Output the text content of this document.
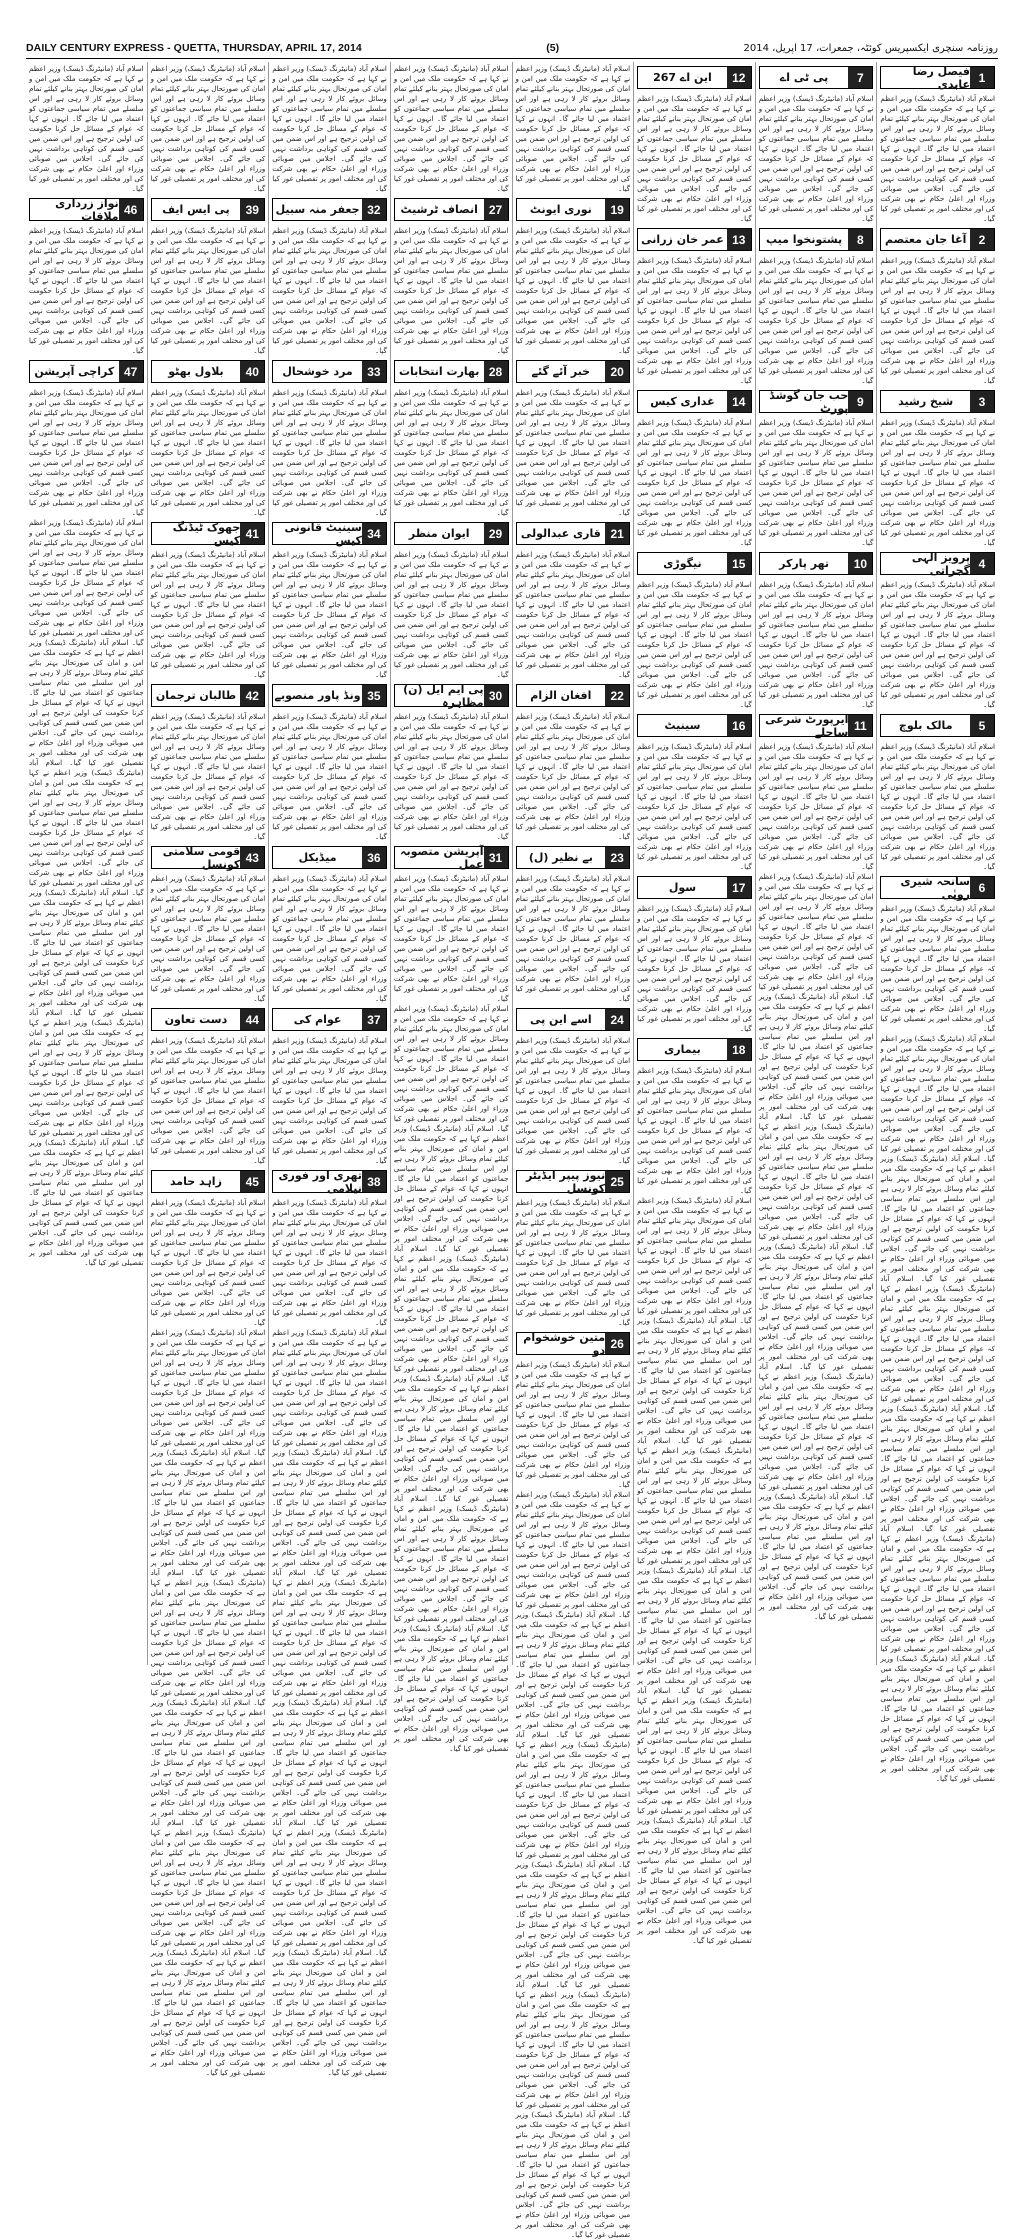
DAILY CENTURY EXPRESS - QUETTA, THURSDAY, APRIL 17, 2014	(5)	روزنامہ سنچری ایکسپریس کوئٹہ، جمعرات، 17 اپریل، 2014
1
فیصل رضا عابدی
اسلام آباد (مانیٹرنگ ڈیسک) وزیر اعظم نے کہا ہے کہ حکومت ملک میں امن و امان کی صورتحال بہتر بنانے کیلئے تمام وسائل بروئے کار لا رہی ہے اور اس سلسلے میں تمام سیاسی جماعتوں کو اعتماد میں لیا جائے گا۔ انہوں نے کہا کہ عوام کے مسائل حل کرنا حکومت کی اولین ترجیح ہے اور اس ضمن میں کسی قسم کی کوتاہی برداشت نہیں کی جائے گی۔ اجلاس میں صوبائی وزراء اور اعلیٰ حکام نے بھی شرکت کی اور مختلف امور پر تفصیلی غور کیا گیا۔
2
آغا جان معتصم
اسلام آباد (مانیٹرنگ ڈیسک) وزیر اعظم نے کہا ہے کہ حکومت ملک میں امن و امان کی صورتحال بہتر بنانے کیلئے تمام وسائل بروئے کار لا رہی ہے اور اس سلسلے میں تمام سیاسی جماعتوں کو اعتماد میں لیا جائے گا۔ انہوں نے کہا کہ عوام کے مسائل حل کرنا حکومت کی اولین ترجیح ہے اور اس ضمن میں کسی قسم کی کوتاہی برداشت نہیں کی جائے گی۔ اجلاس میں صوبائی وزراء اور اعلیٰ حکام نے بھی شرکت کی اور مختلف امور پر تفصیلی غور کیا گیا۔
3
شیخ رشید
اسلام آباد (مانیٹرنگ ڈیسک) وزیر اعظم نے کہا ہے کہ حکومت ملک میں امن و امان کی صورتحال بہتر بنانے کیلئے تمام وسائل بروئے کار لا رہی ہے اور اس سلسلے میں تمام سیاسی جماعتوں کو اعتماد میں لیا جائے گا۔ انہوں نے کہا کہ عوام کے مسائل حل کرنا حکومت کی اولین ترجیح ہے اور اس ضمن میں کسی قسم کی کوتاہی برداشت نہیں کی جائے گی۔ اجلاس میں صوبائی وزراء اور اعلیٰ حکام نے بھی شرکت کی اور مختلف امور پر تفصیلی غور کیا گیا۔
4
پرویز الہی گجراتی
اسلام آباد (مانیٹرنگ ڈیسک) وزیر اعظم نے کہا ہے کہ حکومت ملک میں امن و امان کی صورتحال بہتر بنانے کیلئے تمام وسائل بروئے کار لا رہی ہے اور اس سلسلے میں تمام سیاسی جماعتوں کو اعتماد میں لیا جائے گا۔ انہوں نے کہا کہ عوام کے مسائل حل کرنا حکومت کی اولین ترجیح ہے اور اس ضمن میں کسی قسم کی کوتاہی برداشت نہیں کی جائے گی۔ اجلاس میں صوبائی وزراء اور اعلیٰ حکام نے بھی شرکت کی اور مختلف امور پر تفصیلی غور کیا گیا۔
5
مالک بلوچ
اسلام آباد (مانیٹرنگ ڈیسک) وزیر اعظم نے کہا ہے کہ حکومت ملک میں امن و امان کی صورتحال بہتر بنانے کیلئے تمام وسائل بروئے کار لا رہی ہے اور اس سلسلے میں تمام سیاسی جماعتوں کو اعتماد میں لیا جائے گا۔ انہوں نے کہا کہ عوام کے مسائل حل کرنا حکومت کی اولین ترجیح ہے اور اس ضمن میں کسی قسم کی کوتاہی برداشت نہیں کی جائے گی۔ اجلاس میں صوبائی وزراء اور اعلیٰ حکام نے بھی شرکت کی اور مختلف امور پر تفصیلی غور کیا گیا۔
6
سانحہ شیری رویٰی
اسلام آباد (مانیٹرنگ ڈیسک) وزیر اعظم نے کہا ہے کہ حکومت ملک میں امن و امان کی صورتحال بہتر بنانے کیلئے تمام وسائل بروئے کار لا رہی ہے اور اس سلسلے میں تمام سیاسی جماعتوں کو اعتماد میں لیا جائے گا۔ انہوں نے کہا کہ عوام کے مسائل حل کرنا حکومت کی اولین ترجیح ہے اور اس ضمن میں کسی قسم کی کوتاہی برداشت نہیں کی جائے گی۔ اجلاس میں صوبائی وزراء اور اعلیٰ حکام نے بھی شرکت کی اور مختلف امور پر تفصیلی غور کیا گیا۔
اسلام آباد (مانیٹرنگ ڈیسک) وزیر اعظم نے کہا ہے کہ حکومت ملک میں امن و امان کی صورتحال بہتر بنانے کیلئے تمام وسائل بروئے کار لا رہی ہے اور اس سلسلے میں تمام سیاسی جماعتوں کو اعتماد میں لیا جائے گا۔ انہوں نے کہا کہ عوام کے مسائل حل کرنا حکومت کی اولین ترجیح ہے اور اس ضمن میں کسی قسم کی کوتاہی برداشت نہیں کی جائے گی۔ اجلاس میں صوبائی وزراء اور اعلیٰ حکام نے بھی شرکت کی اور مختلف امور پر تفصیلی غور کیا گیا۔ اسلام آباد (مانیٹرنگ ڈیسک) وزیر اعظم نے کہا ہے کہ حکومت ملک میں امن و امان کی صورتحال بہتر بنانے کیلئے تمام وسائل بروئے کار لا رہی ہے اور اس سلسلے میں تمام سیاسی جماعتوں کو اعتماد میں لیا جائے گا۔ انہوں نے کہا کہ عوام کے مسائل حل کرنا حکومت کی اولین ترجیح ہے اور اس ضمن میں کسی قسم کی کوتاہی برداشت نہیں کی جائے گی۔ اجلاس میں صوبائی وزراء اور اعلیٰ حکام نے بھی شرکت کی اور مختلف امور پر تفصیلی غور کیا گیا۔ اسلام آباد (مانیٹرنگ ڈیسک) وزیر اعظم نے کہا ہے کہ حکومت ملک میں امن و امان کی صورتحال بہتر بنانے کیلئے تمام وسائل بروئے کار لا رہی ہے اور اس سلسلے میں تمام سیاسی جماعتوں کو اعتماد میں لیا جائے گا۔ انہوں نے کہا کہ عوام کے مسائل حل کرنا حکومت کی اولین ترجیح ہے اور اس ضمن میں کسی قسم کی کوتاہی برداشت نہیں کی جائے گی۔ اجلاس میں صوبائی وزراء اور اعلیٰ حکام نے بھی شرکت کی اور مختلف امور پر تفصیلی غور کیا گیا۔ اسلام آباد (مانیٹرنگ ڈیسک) وزیر اعظم نے کہا ہے کہ حکومت ملک میں امن و امان کی صورتحال بہتر بنانے کیلئے تمام وسائل بروئے کار لا رہی ہے اور اس سلسلے میں تمام سیاسی جماعتوں کو اعتماد میں لیا جائے گا۔ انہوں نے کہا کہ عوام کے مسائل حل کرنا حکومت کی اولین ترجیح ہے اور اس ضمن میں کسی قسم کی کوتاہی برداشت نہیں کی جائے گی۔ اجلاس میں صوبائی وزراء اور اعلیٰ حکام نے بھی شرکت کی اور مختلف امور پر تفصیلی غور کیا گیا۔ اسلام آباد (مانیٹرنگ ڈیسک) وزیر اعظم نے کہا ہے کہ حکومت ملک میں امن و امان کی صورتحال بہتر بنانے کیلئے تمام وسائل بروئے کار لا رہی ہے اور اس سلسلے میں تمام سیاسی جماعتوں کو اعتماد میں لیا جائے گا۔ انہوں نے کہا کہ عوام کے مسائل حل کرنا حکومت کی اولین ترجیح ہے اور اس ضمن میں کسی قسم کی کوتاہی برداشت نہیں کی جائے گی۔ اجلاس میں صوبائی وزراء اور اعلیٰ حکام نے بھی شرکت کی اور مختلف امور پر تفصیلی غور کیا گیا۔ اسلام آباد (مانیٹرنگ ڈیسک) وزیر اعظم نے کہا ہے کہ حکومت ملک میں امن و امان کی صورتحال بہتر بنانے کیلئے تمام وسائل بروئے کار لا رہی ہے اور اس سلسلے میں تمام سیاسی جماعتوں کو اعتماد میں لیا جائے گا۔ انہوں نے کہا کہ عوام کے مسائل حل کرنا حکومت کی اولین ترجیح ہے اور اس ضمن میں کسی قسم کی کوتاہی برداشت نہیں کی جائے گی۔ اجلاس میں صوبائی وزراء اور اعلیٰ حکام نے بھی شرکت کی اور مختلف امور پر تفصیلی غور کیا گیا۔
7
پی ٹی اے
اسلام آباد (مانیٹرنگ ڈیسک) وزیر اعظم نے کہا ہے کہ حکومت ملک میں امن و امان کی صورتحال بہتر بنانے کیلئے تمام وسائل بروئے کار لا رہی ہے اور اس سلسلے میں تمام سیاسی جماعتوں کو اعتماد میں لیا جائے گا۔ انہوں نے کہا کہ عوام کے مسائل حل کرنا حکومت کی اولین ترجیح ہے اور اس ضمن میں کسی قسم کی کوتاہی برداشت نہیں کی جائے گی۔ اجلاس میں صوبائی وزراء اور اعلیٰ حکام نے بھی شرکت کی اور مختلف امور پر تفصیلی غور کیا گیا۔
8
پشتونخوا میپ
اسلام آباد (مانیٹرنگ ڈیسک) وزیر اعظم نے کہا ہے کہ حکومت ملک میں امن و امان کی صورتحال بہتر بنانے کیلئے تمام وسائل بروئے کار لا رہی ہے اور اس سلسلے میں تمام سیاسی جماعتوں کو اعتماد میں لیا جائے گا۔ انہوں نے کہا کہ عوام کے مسائل حل کرنا حکومت کی اولین ترجیح ہے اور اس ضمن میں کسی قسم کی کوتاہی برداشت نہیں کی جائے گی۔ اجلاس میں صوبائی وزراء اور اعلیٰ حکام نے بھی شرکت کی اور مختلف امور پر تفصیلی غور کیا گیا۔
9
حب جان گوشڈ پورٹ
اسلام آباد (مانیٹرنگ ڈیسک) وزیر اعظم نے کہا ہے کہ حکومت ملک میں امن و امان کی صورتحال بہتر بنانے کیلئے تمام وسائل بروئے کار لا رہی ہے اور اس سلسلے میں تمام سیاسی جماعتوں کو اعتماد میں لیا جائے گا۔ انہوں نے کہا کہ عوام کے مسائل حل کرنا حکومت کی اولین ترجیح ہے اور اس ضمن میں کسی قسم کی کوتاہی برداشت نہیں کی جائے گی۔ اجلاس میں صوبائی وزراء اور اعلیٰ حکام نے بھی شرکت کی اور مختلف امور پر تفصیلی غور کیا گیا۔
10
تھر پارکر
اسلام آباد (مانیٹرنگ ڈیسک) وزیر اعظم نے کہا ہے کہ حکومت ملک میں امن و امان کی صورتحال بہتر بنانے کیلئے تمام وسائل بروئے کار لا رہی ہے اور اس سلسلے میں تمام سیاسی جماعتوں کو اعتماد میں لیا جائے گا۔ انہوں نے کہا کہ عوام کے مسائل حل کرنا حکومت کی اولین ترجیح ہے اور اس ضمن میں کسی قسم کی کوتاہی برداشت نہیں کی جائے گی۔ اجلاس میں صوبائی وزراء اور اعلیٰ حکام نے بھی شرکت کی اور مختلف امور پر تفصیلی غور کیا گیا۔
11
ایرپورٹ شرعی ساحلے
اسلام آباد (مانیٹرنگ ڈیسک) وزیر اعظم نے کہا ہے کہ حکومت ملک میں امن و امان کی صورتحال بہتر بنانے کیلئے تمام وسائل بروئے کار لا رہی ہے اور اس سلسلے میں تمام سیاسی جماعتوں کو اعتماد میں لیا جائے گا۔ انہوں نے کہا کہ عوام کے مسائل حل کرنا حکومت کی اولین ترجیح ہے اور اس ضمن میں کسی قسم کی کوتاہی برداشت نہیں کی جائے گی۔ اجلاس میں صوبائی وزراء اور اعلیٰ حکام نے بھی شرکت کی اور مختلف امور پر تفصیلی غور کیا گیا۔
اسلام آباد (مانیٹرنگ ڈیسک) وزیر اعظم نے کہا ہے کہ حکومت ملک میں امن و امان کی صورتحال بہتر بنانے کیلئے تمام وسائل بروئے کار لا رہی ہے اور اس سلسلے میں تمام سیاسی جماعتوں کو اعتماد میں لیا جائے گا۔ انہوں نے کہا کہ عوام کے مسائل حل کرنا حکومت کی اولین ترجیح ہے اور اس ضمن میں کسی قسم کی کوتاہی برداشت نہیں کی جائے گی۔ اجلاس میں صوبائی وزراء اور اعلیٰ حکام نے بھی شرکت کی اور مختلف امور پر تفصیلی غور کیا گیا۔ اسلام آباد (مانیٹرنگ ڈیسک) وزیر اعظم نے کہا ہے کہ حکومت ملک میں امن و امان کی صورتحال بہتر بنانے کیلئے تمام وسائل بروئے کار لا رہی ہے اور اس سلسلے میں تمام سیاسی جماعتوں کو اعتماد میں لیا جائے گا۔ انہوں نے کہا کہ عوام کے مسائل حل کرنا حکومت کی اولین ترجیح ہے اور اس ضمن میں کسی قسم کی کوتاہی برداشت نہیں کی جائے گی۔ اجلاس میں صوبائی وزراء اور اعلیٰ حکام نے بھی شرکت کی اور مختلف امور پر تفصیلی غور کیا گیا۔ اسلام آباد (مانیٹرنگ ڈیسک) وزیر اعظم نے کہا ہے کہ حکومت ملک میں امن و امان کی صورتحال بہتر بنانے کیلئے تمام وسائل بروئے کار لا رہی ہے اور اس سلسلے میں تمام سیاسی جماعتوں کو اعتماد میں لیا جائے گا۔ انہوں نے کہا کہ عوام کے مسائل حل کرنا حکومت کی اولین ترجیح ہے اور اس ضمن میں کسی قسم کی کوتاہی برداشت نہیں کی جائے گی۔ اجلاس میں صوبائی وزراء اور اعلیٰ حکام نے بھی شرکت کی اور مختلف امور پر تفصیلی غور کیا گیا۔ اسلام آباد (مانیٹرنگ ڈیسک) وزیر اعظم نے کہا ہے کہ حکومت ملک میں امن و امان کی صورتحال بہتر بنانے کیلئے تمام وسائل بروئے کار لا رہی ہے اور اس سلسلے میں تمام سیاسی جماعتوں کو اعتماد میں لیا جائے گا۔ انہوں نے کہا کہ عوام کے مسائل حل کرنا حکومت کی اولین ترجیح ہے اور اس ضمن میں کسی قسم کی کوتاہی برداشت نہیں کی جائے گی۔ اجلاس میں صوبائی وزراء اور اعلیٰ حکام نے بھی شرکت کی اور مختلف امور پر تفصیلی غور کیا گیا۔ اسلام آباد (مانیٹرنگ ڈیسک) وزیر اعظم نے کہا ہے کہ حکومت ملک میں امن و امان کی صورتحال بہتر بنانے کیلئے تمام وسائل بروئے کار لا رہی ہے اور اس سلسلے میں تمام سیاسی جماعتوں کو اعتماد میں لیا جائے گا۔ انہوں نے کہا کہ عوام کے مسائل حل کرنا حکومت کی اولین ترجیح ہے اور اس ضمن میں کسی قسم کی کوتاہی برداشت نہیں کی جائے گی۔ اجلاس میں صوبائی وزراء اور اعلیٰ حکام نے بھی شرکت کی اور مختلف امور پر تفصیلی غور کیا گیا۔ اسلام آباد (مانیٹرنگ ڈیسک) وزیر اعظم نے کہا ہے کہ حکومت ملک میں امن و امان کی صورتحال بہتر بنانے کیلئے تمام وسائل بروئے کار لا رہی ہے اور اس سلسلے میں تمام سیاسی جماعتوں کو اعتماد میں لیا جائے گا۔ انہوں نے کہا کہ عوام کے مسائل حل کرنا حکومت کی اولین ترجیح ہے اور اس ضمن میں کسی قسم کی کوتاہی برداشت نہیں کی جائے گی۔ اجلاس میں صوبائی وزراء اور اعلیٰ حکام نے بھی شرکت کی اور مختلف امور پر تفصیلی غور کیا گیا۔
12
این اے 267
اسلام آباد (مانیٹرنگ ڈیسک) وزیر اعظم نے کہا ہے کہ حکومت ملک میں امن و امان کی صورتحال بہتر بنانے کیلئے تمام وسائل بروئے کار لا رہی ہے اور اس سلسلے میں تمام سیاسی جماعتوں کو اعتماد میں لیا جائے گا۔ انہوں نے کہا کہ عوام کے مسائل حل کرنا حکومت کی اولین ترجیح ہے اور اس ضمن میں کسی قسم کی کوتاہی برداشت نہیں کی جائے گی۔ اجلاس میں صوبائی وزراء اور اعلیٰ حکام نے بھی شرکت کی اور مختلف امور پر تفصیلی غور کیا گیا۔
13
عمر خان زرانی
اسلام آباد (مانیٹرنگ ڈیسک) وزیر اعظم نے کہا ہے کہ حکومت ملک میں امن و امان کی صورتحال بہتر بنانے کیلئے تمام وسائل بروئے کار لا رہی ہے اور اس سلسلے میں تمام سیاسی جماعتوں کو اعتماد میں لیا جائے گا۔ انہوں نے کہا کہ عوام کے مسائل حل کرنا حکومت کی اولین ترجیح ہے اور اس ضمن میں کسی قسم کی کوتاہی برداشت نہیں کی جائے گی۔ اجلاس میں صوبائی وزراء اور اعلیٰ حکام نے بھی شرکت کی اور مختلف امور پر تفصیلی غور کیا گیا۔
14
غداری کیس
اسلام آباد (مانیٹرنگ ڈیسک) وزیر اعظم نے کہا ہے کہ حکومت ملک میں امن و امان کی صورتحال بہتر بنانے کیلئے تمام وسائل بروئے کار لا رہی ہے اور اس سلسلے میں تمام سیاسی جماعتوں کو اعتماد میں لیا جائے گا۔ انہوں نے کہا کہ عوام کے مسائل حل کرنا حکومت کی اولین ترجیح ہے اور اس ضمن میں کسی قسم کی کوتاہی برداشت نہیں کی جائے گی۔ اجلاس میں صوبائی وزراء اور اعلیٰ حکام نے بھی شرکت کی اور مختلف امور پر تفصیلی غور کیا گیا۔
15
نیگوڑی
اسلام آباد (مانیٹرنگ ڈیسک) وزیر اعظم نے کہا ہے کہ حکومت ملک میں امن و امان کی صورتحال بہتر بنانے کیلئے تمام وسائل بروئے کار لا رہی ہے اور اس سلسلے میں تمام سیاسی جماعتوں کو اعتماد میں لیا جائے گا۔ انہوں نے کہا کہ عوام کے مسائل حل کرنا حکومت کی اولین ترجیح ہے اور اس ضمن میں کسی قسم کی کوتاہی برداشت نہیں کی جائے گی۔ اجلاس میں صوبائی وزراء اور اعلیٰ حکام نے بھی شرکت کی اور مختلف امور پر تفصیلی غور کیا گیا۔
16
سینیٹ
اسلام آباد (مانیٹرنگ ڈیسک) وزیر اعظم نے کہا ہے کہ حکومت ملک میں امن و امان کی صورتحال بہتر بنانے کیلئے تمام وسائل بروئے کار لا رہی ہے اور اس سلسلے میں تمام سیاسی جماعتوں کو اعتماد میں لیا جائے گا۔ انہوں نے کہا کہ عوام کے مسائل حل کرنا حکومت کی اولین ترجیح ہے اور اس ضمن میں کسی قسم کی کوتاہی برداشت نہیں کی جائے گی۔ اجلاس میں صوبائی وزراء اور اعلیٰ حکام نے بھی شرکت کی اور مختلف امور پر تفصیلی غور کیا گیا۔
17
سول
اسلام آباد (مانیٹرنگ ڈیسک) وزیر اعظم نے کہا ہے کہ حکومت ملک میں امن و امان کی صورتحال بہتر بنانے کیلئے تمام وسائل بروئے کار لا رہی ہے اور اس سلسلے میں تمام سیاسی جماعتوں کو اعتماد میں لیا جائے گا۔ انہوں نے کہا کہ عوام کے مسائل حل کرنا حکومت کی اولین ترجیح ہے اور اس ضمن میں کسی قسم کی کوتاہی برداشت نہیں کی جائے گی۔ اجلاس میں صوبائی وزراء اور اعلیٰ حکام نے بھی شرکت کی اور مختلف امور پر تفصیلی غور کیا گیا۔
18
بیماری
اسلام آباد (مانیٹرنگ ڈیسک) وزیر اعظم نے کہا ہے کہ حکومت ملک میں امن و امان کی صورتحال بہتر بنانے کیلئے تمام وسائل بروئے کار لا رہی ہے اور اس سلسلے میں تمام سیاسی جماعتوں کو اعتماد میں لیا جائے گا۔ انہوں نے کہا کہ عوام کے مسائل حل کرنا حکومت کی اولین ترجیح ہے اور اس ضمن میں کسی قسم کی کوتاہی برداشت نہیں کی جائے گی۔ اجلاس میں صوبائی وزراء اور اعلیٰ حکام نے بھی شرکت کی اور مختلف امور پر تفصیلی غور کیا گیا۔
اسلام آباد (مانیٹرنگ ڈیسک) وزیر اعظم نے کہا ہے کہ حکومت ملک میں امن و امان کی صورتحال بہتر بنانے کیلئے تمام وسائل بروئے کار لا رہی ہے اور اس سلسلے میں تمام سیاسی جماعتوں کو اعتماد میں لیا جائے گا۔ انہوں نے کہا کہ عوام کے مسائل حل کرنا حکومت کی اولین ترجیح ہے اور اس ضمن میں کسی قسم کی کوتاہی برداشت نہیں کی جائے گی۔ اجلاس میں صوبائی وزراء اور اعلیٰ حکام نے بھی شرکت کی اور مختلف امور پر تفصیلی غور کیا گیا۔ اسلام آباد (مانیٹرنگ ڈیسک) وزیر اعظم نے کہا ہے کہ حکومت ملک میں امن و امان کی صورتحال بہتر بنانے کیلئے تمام وسائل بروئے کار لا رہی ہے اور اس سلسلے میں تمام سیاسی جماعتوں کو اعتماد میں لیا جائے گا۔ انہوں نے کہا کہ عوام کے مسائل حل کرنا حکومت کی اولین ترجیح ہے اور اس ضمن میں کسی قسم کی کوتاہی برداشت نہیں کی جائے گی۔ اجلاس میں صوبائی وزراء اور اعلیٰ حکام نے بھی شرکت کی اور مختلف امور پر تفصیلی غور کیا گیا۔ اسلام آباد (مانیٹرنگ ڈیسک) وزیر اعظم نے کہا ہے کہ حکومت ملک میں امن و امان کی صورتحال بہتر بنانے کیلئے تمام وسائل بروئے کار لا رہی ہے اور اس سلسلے میں تمام سیاسی جماعتوں کو اعتماد میں لیا جائے گا۔ انہوں نے کہا کہ عوام کے مسائل حل کرنا حکومت کی اولین ترجیح ہے اور اس ضمن میں کسی قسم کی کوتاہی برداشت نہیں کی جائے گی۔ اجلاس میں صوبائی وزراء اور اعلیٰ حکام نے بھی شرکت کی اور مختلف امور پر تفصیلی غور کیا گیا۔ اسلام آباد (مانیٹرنگ ڈیسک) وزیر اعظم نے کہا ہے کہ حکومت ملک میں امن و امان کی صورتحال بہتر بنانے کیلئے تمام وسائل بروئے کار لا رہی ہے اور اس سلسلے میں تمام سیاسی جماعتوں کو اعتماد میں لیا جائے گا۔ انہوں نے کہا کہ عوام کے مسائل حل کرنا حکومت کی اولین ترجیح ہے اور اس ضمن میں کسی قسم کی کوتاہی برداشت نہیں کی جائے گی۔ اجلاس میں صوبائی وزراء اور اعلیٰ حکام نے بھی شرکت کی اور مختلف امور پر تفصیلی غور کیا گیا۔ اسلام آباد (مانیٹرنگ ڈیسک) وزیر اعظم نے کہا ہے کہ حکومت ملک میں امن و امان کی صورتحال بہتر بنانے کیلئے تمام وسائل بروئے کار لا رہی ہے اور اس سلسلے میں تمام سیاسی جماعتوں کو اعتماد میں لیا جائے گا۔ انہوں نے کہا کہ عوام کے مسائل حل کرنا حکومت کی اولین ترجیح ہے اور اس ضمن میں کسی قسم کی کوتاہی برداشت نہیں کی جائے گی۔ اجلاس میں صوبائی وزراء اور اعلیٰ حکام نے بھی شرکت کی اور مختلف امور پر تفصیلی غور کیا گیا۔ اسلام آباد (مانیٹرنگ ڈیسک) وزیر اعظم نے کہا ہے کہ حکومت ملک میں امن و امان کی صورتحال بہتر بنانے کیلئے تمام وسائل بروئے کار لا رہی ہے اور اس سلسلے میں تمام سیاسی جماعتوں کو اعتماد میں لیا جائے گا۔ انہوں نے کہا کہ عوام کے مسائل حل کرنا حکومت کی اولین ترجیح ہے اور اس ضمن میں کسی قسم کی کوتاہی برداشت نہیں کی جائے گی۔ اجلاس میں صوبائی وزراء اور اعلیٰ حکام نے بھی شرکت کی اور مختلف امور پر تفصیلی غور کیا گیا۔
اسلام آباد (مانیٹرنگ ڈیسک) وزیر اعظم نے کہا ہے کہ حکومت ملک میں امن و امان کی صورتحال بہتر بنانے کیلئے تمام وسائل بروئے کار لا رہی ہے اور اس سلسلے میں تمام سیاسی جماعتوں کو اعتماد میں لیا جائے گا۔ انہوں نے کہا کہ عوام کے مسائل حل کرنا حکومت کی اولین ترجیح ہے اور اس ضمن میں کسی قسم کی کوتاہی برداشت نہیں کی جائے گی۔ اجلاس میں صوبائی وزراء اور اعلیٰ حکام نے بھی شرکت کی اور مختلف امور پر تفصیلی غور کیا گیا۔
19
نوری ایونٹ
اسلام آباد (مانیٹرنگ ڈیسک) وزیر اعظم نے کہا ہے کہ حکومت ملک میں امن و امان کی صورتحال بہتر بنانے کیلئے تمام وسائل بروئے کار لا رہی ہے اور اس سلسلے میں تمام سیاسی جماعتوں کو اعتماد میں لیا جائے گا۔ انہوں نے کہا کہ عوام کے مسائل حل کرنا حکومت کی اولین ترجیح ہے اور اس ضمن میں کسی قسم کی کوتاہی برداشت نہیں کی جائے گی۔ اجلاس میں صوبائی وزراء اور اعلیٰ حکام نے بھی شرکت کی اور مختلف امور پر تفصیلی غور کیا گیا۔
20
خبر آئے گئے
اسلام آباد (مانیٹرنگ ڈیسک) وزیر اعظم نے کہا ہے کہ حکومت ملک میں امن و امان کی صورتحال بہتر بنانے کیلئے تمام وسائل بروئے کار لا رہی ہے اور اس سلسلے میں تمام سیاسی جماعتوں کو اعتماد میں لیا جائے گا۔ انہوں نے کہا کہ عوام کے مسائل حل کرنا حکومت کی اولین ترجیح ہے اور اس ضمن میں کسی قسم کی کوتاہی برداشت نہیں کی جائے گی۔ اجلاس میں صوبائی وزراء اور اعلیٰ حکام نے بھی شرکت کی اور مختلف امور پر تفصیلی غور کیا گیا۔
21
قاری عبدالولی
اسلام آباد (مانیٹرنگ ڈیسک) وزیر اعظم نے کہا ہے کہ حکومت ملک میں امن و امان کی صورتحال بہتر بنانے کیلئے تمام وسائل بروئے کار لا رہی ہے اور اس سلسلے میں تمام سیاسی جماعتوں کو اعتماد میں لیا جائے گا۔ انہوں نے کہا کہ عوام کے مسائل حل کرنا حکومت کی اولین ترجیح ہے اور اس ضمن میں کسی قسم کی کوتاہی برداشت نہیں کی جائے گی۔ اجلاس میں صوبائی وزراء اور اعلیٰ حکام نے بھی شرکت کی اور مختلف امور پر تفصیلی غور کیا گیا۔
22
افغان الزام
اسلام آباد (مانیٹرنگ ڈیسک) وزیر اعظم نے کہا ہے کہ حکومت ملک میں امن و امان کی صورتحال بہتر بنانے کیلئے تمام وسائل بروئے کار لا رہی ہے اور اس سلسلے میں تمام سیاسی جماعتوں کو اعتماد میں لیا جائے گا۔ انہوں نے کہا کہ عوام کے مسائل حل کرنا حکومت کی اولین ترجیح ہے اور اس ضمن میں کسی قسم کی کوتاہی برداشت نہیں کی جائے گی۔ اجلاس میں صوبائی وزراء اور اعلیٰ حکام نے بھی شرکت کی اور مختلف امور پر تفصیلی غور کیا گیا۔
23
بے نظیر (ل)
اسلام آباد (مانیٹرنگ ڈیسک) وزیر اعظم نے کہا ہے کہ حکومت ملک میں امن و امان کی صورتحال بہتر بنانے کیلئے تمام وسائل بروئے کار لا رہی ہے اور اس سلسلے میں تمام سیاسی جماعتوں کو اعتماد میں لیا جائے گا۔ انہوں نے کہا کہ عوام کے مسائل حل کرنا حکومت کی اولین ترجیح ہے اور اس ضمن میں کسی قسم کی کوتاہی برداشت نہیں کی جائے گی۔ اجلاس میں صوبائی وزراء اور اعلیٰ حکام نے بھی شرکت کی اور مختلف امور پر تفصیلی غور کیا گیا۔
24
اسے این پی
اسلام آباد (مانیٹرنگ ڈیسک) وزیر اعظم نے کہا ہے کہ حکومت ملک میں امن و امان کی صورتحال بہتر بنانے کیلئے تمام وسائل بروئے کار لا رہی ہے اور اس سلسلے میں تمام سیاسی جماعتوں کو اعتماد میں لیا جائے گا۔ انہوں نے کہا کہ عوام کے مسائل حل کرنا حکومت کی اولین ترجیح ہے اور اس ضمن میں کسی قسم کی کوتاہی برداشت نہیں کی جائے گی۔ اجلاس میں صوبائی وزراء اور اعلیٰ حکام نے بھی شرکت کی اور مختلف امور پر تفصیلی غور کیا گیا۔
25
نیوز پیپر ایڈیٹر کونسل
اسلام آباد (مانیٹرنگ ڈیسک) وزیر اعظم نے کہا ہے کہ حکومت ملک میں امن و امان کی صورتحال بہتر بنانے کیلئے تمام وسائل بروئے کار لا رہی ہے اور اس سلسلے میں تمام سیاسی جماعتوں کو اعتماد میں لیا جائے گا۔ انہوں نے کہا کہ عوام کے مسائل حل کرنا حکومت کی اولین ترجیح ہے اور اس ضمن میں کسی قسم کی کوتاہی برداشت نہیں کی جائے گی۔ اجلاس میں صوبائی وزراء اور اعلیٰ حکام نے بھی شرکت کی اور مختلف امور پر تفصیلی غور کیا گیا۔
26
متین خوشخوام دو
اسلام آباد (مانیٹرنگ ڈیسک) وزیر اعظم نے کہا ہے کہ حکومت ملک میں امن و امان کی صورتحال بہتر بنانے کیلئے تمام وسائل بروئے کار لا رہی ہے اور اس سلسلے میں تمام سیاسی جماعتوں کو اعتماد میں لیا جائے گا۔ انہوں نے کہا کہ عوام کے مسائل حل کرنا حکومت کی اولین ترجیح ہے اور اس ضمن میں کسی قسم کی کوتاہی برداشت نہیں کی جائے گی۔ اجلاس میں صوبائی وزراء اور اعلیٰ حکام نے بھی شرکت کی اور مختلف امور پر تفصیلی غور کیا گیا۔
اسلام آباد (مانیٹرنگ ڈیسک) وزیر اعظم نے کہا ہے کہ حکومت ملک میں امن و امان کی صورتحال بہتر بنانے کیلئے تمام وسائل بروئے کار لا رہی ہے اور اس سلسلے میں تمام سیاسی جماعتوں کو اعتماد میں لیا جائے گا۔ انہوں نے کہا کہ عوام کے مسائل حل کرنا حکومت کی اولین ترجیح ہے اور اس ضمن میں کسی قسم کی کوتاہی برداشت نہیں کی جائے گی۔ اجلاس میں صوبائی وزراء اور اعلیٰ حکام نے بھی شرکت کی اور مختلف امور پر تفصیلی غور کیا گیا۔ اسلام آباد (مانیٹرنگ ڈیسک) وزیر اعظم نے کہا ہے کہ حکومت ملک میں امن و امان کی صورتحال بہتر بنانے کیلئے تمام وسائل بروئے کار لا رہی ہے اور اس سلسلے میں تمام سیاسی جماعتوں کو اعتماد میں لیا جائے گا۔ انہوں نے کہا کہ عوام کے مسائل حل کرنا حکومت کی اولین ترجیح ہے اور اس ضمن میں کسی قسم کی کوتاہی برداشت نہیں کی جائے گی۔ اجلاس میں صوبائی وزراء اور اعلیٰ حکام نے بھی شرکت کی اور مختلف امور پر تفصیلی غور کیا گیا۔ اسلام آباد (مانیٹرنگ ڈیسک) وزیر اعظم نے کہا ہے کہ حکومت ملک میں امن و امان کی صورتحال بہتر بنانے کیلئے تمام وسائل بروئے کار لا رہی ہے اور اس سلسلے میں تمام سیاسی جماعتوں کو اعتماد میں لیا جائے گا۔ انہوں نے کہا کہ عوام کے مسائل حل کرنا حکومت کی اولین ترجیح ہے اور اس ضمن میں کسی قسم کی کوتاہی برداشت نہیں کی جائے گی۔ اجلاس میں صوبائی وزراء اور اعلیٰ حکام نے بھی شرکت کی اور مختلف امور پر تفصیلی غور کیا گیا۔ اسلام آباد (مانیٹرنگ ڈیسک) وزیر اعظم نے کہا ہے کہ حکومت ملک میں امن و امان کی صورتحال بہتر بنانے کیلئے تمام وسائل بروئے کار لا رہی ہے اور اس سلسلے میں تمام سیاسی جماعتوں کو اعتماد میں لیا جائے گا۔ انہوں نے کہا کہ عوام کے مسائل حل کرنا حکومت کی اولین ترجیح ہے اور اس ضمن میں کسی قسم کی کوتاہی برداشت نہیں کی جائے گی۔ اجلاس میں صوبائی وزراء اور اعلیٰ حکام نے بھی شرکت کی اور مختلف امور پر تفصیلی غور کیا گیا۔ اسلام آباد (مانیٹرنگ ڈیسک) وزیر اعظم نے کہا ہے کہ حکومت ملک میں امن و امان کی صورتحال بہتر بنانے کیلئے تمام وسائل بروئے کار لا رہی ہے اور اس سلسلے میں تمام سیاسی جماعتوں کو اعتماد میں لیا جائے گا۔ انہوں نے کہا کہ عوام کے مسائل حل کرنا حکومت کی اولین ترجیح ہے اور اس ضمن میں کسی قسم کی کوتاہی برداشت نہیں کی جائے گی۔ اجلاس میں صوبائی وزراء اور اعلیٰ حکام نے بھی شرکت کی اور مختلف امور پر تفصیلی غور کیا گیا۔ اسلام آباد (مانیٹرنگ ڈیسک) وزیر اعظم نے کہا ہے کہ حکومت ملک میں امن و امان کی صورتحال بہتر بنانے کیلئے تمام وسائل بروئے کار لا رہی ہے اور اس سلسلے میں تمام سیاسی جماعتوں کو اعتماد میں لیا جائے گا۔ انہوں نے کہا کہ عوام کے مسائل حل کرنا حکومت کی اولین ترجیح ہے اور اس ضمن میں کسی قسم کی کوتاہی برداشت نہیں کی جائے گی۔ اجلاس میں صوبائی وزراء اور اعلیٰ حکام نے بھی شرکت کی اور مختلف امور پر تفصیلی غور کیا گیا۔
اسلام آباد (مانیٹرنگ ڈیسک) وزیر اعظم نے کہا ہے کہ حکومت ملک میں امن و امان کی صورتحال بہتر بنانے کیلئے تمام وسائل بروئے کار لا رہی ہے اور اس سلسلے میں تمام سیاسی جماعتوں کو اعتماد میں لیا جائے گا۔ انہوں نے کہا کہ عوام کے مسائل حل کرنا حکومت کی اولین ترجیح ہے اور اس ضمن میں کسی قسم کی کوتاہی برداشت نہیں کی جائے گی۔ اجلاس میں صوبائی وزراء اور اعلیٰ حکام نے بھی شرکت کی اور مختلف امور پر تفصیلی غور کیا گیا۔
27
انصاف ٹرشیٹ
اسلام آباد (مانیٹرنگ ڈیسک) وزیر اعظم نے کہا ہے کہ حکومت ملک میں امن و امان کی صورتحال بہتر بنانے کیلئے تمام وسائل بروئے کار لا رہی ہے اور اس سلسلے میں تمام سیاسی جماعتوں کو اعتماد میں لیا جائے گا۔ انہوں نے کہا کہ عوام کے مسائل حل کرنا حکومت کی اولین ترجیح ہے اور اس ضمن میں کسی قسم کی کوتاہی برداشت نہیں کی جائے گی۔ اجلاس میں صوبائی وزراء اور اعلیٰ حکام نے بھی شرکت کی اور مختلف امور پر تفصیلی غور کیا گیا۔
28
بھارت انتخابات
اسلام آباد (مانیٹرنگ ڈیسک) وزیر اعظم نے کہا ہے کہ حکومت ملک میں امن و امان کی صورتحال بہتر بنانے کیلئے تمام وسائل بروئے کار لا رہی ہے اور اس سلسلے میں تمام سیاسی جماعتوں کو اعتماد میں لیا جائے گا۔ انہوں نے کہا کہ عوام کے مسائل حل کرنا حکومت کی اولین ترجیح ہے اور اس ضمن میں کسی قسم کی کوتاہی برداشت نہیں کی جائے گی۔ اجلاس میں صوبائی وزراء اور اعلیٰ حکام نے بھی شرکت کی اور مختلف امور پر تفصیلی غور کیا گیا۔
29
ایوان منظر
اسلام آباد (مانیٹرنگ ڈیسک) وزیر اعظم نے کہا ہے کہ حکومت ملک میں امن و امان کی صورتحال بہتر بنانے کیلئے تمام وسائل بروئے کار لا رہی ہے اور اس سلسلے میں تمام سیاسی جماعتوں کو اعتماد میں لیا جائے گا۔ انہوں نے کہا کہ عوام کے مسائل حل کرنا حکومت کی اولین ترجیح ہے اور اس ضمن میں کسی قسم کی کوتاہی برداشت نہیں کی جائے گی۔ اجلاس میں صوبائی وزراء اور اعلیٰ حکام نے بھی شرکت کی اور مختلف امور پر تفصیلی غور کیا گیا۔
30
پی ایم ایل (ن) مظاہرہ
اسلام آباد (مانیٹرنگ ڈیسک) وزیر اعظم نے کہا ہے کہ حکومت ملک میں امن و امان کی صورتحال بہتر بنانے کیلئے تمام وسائل بروئے کار لا رہی ہے اور اس سلسلے میں تمام سیاسی جماعتوں کو اعتماد میں لیا جائے گا۔ انہوں نے کہا کہ عوام کے مسائل حل کرنا حکومت کی اولین ترجیح ہے اور اس ضمن میں کسی قسم کی کوتاہی برداشت نہیں کی جائے گی۔ اجلاس میں صوبائی وزراء اور اعلیٰ حکام نے بھی شرکت کی اور مختلف امور پر تفصیلی غور کیا گیا۔
31
آپریشن متصوبہ عمل
اسلام آباد (مانیٹرنگ ڈیسک) وزیر اعظم نے کہا ہے کہ حکومت ملک میں امن و امان کی صورتحال بہتر بنانے کیلئے تمام وسائل بروئے کار لا رہی ہے اور اس سلسلے میں تمام سیاسی جماعتوں کو اعتماد میں لیا جائے گا۔ انہوں نے کہا کہ عوام کے مسائل حل کرنا حکومت کی اولین ترجیح ہے اور اس ضمن میں کسی قسم کی کوتاہی برداشت نہیں کی جائے گی۔ اجلاس میں صوبائی وزراء اور اعلیٰ حکام نے بھی شرکت کی اور مختلف امور پر تفصیلی غور کیا گیا۔
اسلام آباد (مانیٹرنگ ڈیسک) وزیر اعظم نے کہا ہے کہ حکومت ملک میں امن و امان کی صورتحال بہتر بنانے کیلئے تمام وسائل بروئے کار لا رہی ہے اور اس سلسلے میں تمام سیاسی جماعتوں کو اعتماد میں لیا جائے گا۔ انہوں نے کہا کہ عوام کے مسائل حل کرنا حکومت کی اولین ترجیح ہے اور اس ضمن میں کسی قسم کی کوتاہی برداشت نہیں کی جائے گی۔ اجلاس میں صوبائی وزراء اور اعلیٰ حکام نے بھی شرکت کی اور مختلف امور پر تفصیلی غور کیا گیا۔ اسلام آباد (مانیٹرنگ ڈیسک) وزیر اعظم نے کہا ہے کہ حکومت ملک میں امن و امان کی صورتحال بہتر بنانے کیلئے تمام وسائل بروئے کار لا رہی ہے اور اس سلسلے میں تمام سیاسی جماعتوں کو اعتماد میں لیا جائے گا۔ انہوں نے کہا کہ عوام کے مسائل حل کرنا حکومت کی اولین ترجیح ہے اور اس ضمن میں کسی قسم کی کوتاہی برداشت نہیں کی جائے گی۔ اجلاس میں صوبائی وزراء اور اعلیٰ حکام نے بھی شرکت کی اور مختلف امور پر تفصیلی غور کیا گیا۔ اسلام آباد (مانیٹرنگ ڈیسک) وزیر اعظم نے کہا ہے کہ حکومت ملک میں امن و امان کی صورتحال بہتر بنانے کیلئے تمام وسائل بروئے کار لا رہی ہے اور اس سلسلے میں تمام سیاسی جماعتوں کو اعتماد میں لیا جائے گا۔ انہوں نے کہا کہ عوام کے مسائل حل کرنا حکومت کی اولین ترجیح ہے اور اس ضمن میں کسی قسم کی کوتاہی برداشت نہیں کی جائے گی۔ اجلاس میں صوبائی وزراء اور اعلیٰ حکام نے بھی شرکت کی اور مختلف امور پر تفصیلی غور کیا گیا۔ اسلام آباد (مانیٹرنگ ڈیسک) وزیر اعظم نے کہا ہے کہ حکومت ملک میں امن و امان کی صورتحال بہتر بنانے کیلئے تمام وسائل بروئے کار لا رہی ہے اور اس سلسلے میں تمام سیاسی جماعتوں کو اعتماد میں لیا جائے گا۔ انہوں نے کہا کہ عوام کے مسائل حل کرنا حکومت کی اولین ترجیح ہے اور اس ضمن میں کسی قسم کی کوتاہی برداشت نہیں کی جائے گی۔ اجلاس میں صوبائی وزراء اور اعلیٰ حکام نے بھی شرکت کی اور مختلف امور پر تفصیلی غور کیا گیا۔ اسلام آباد (مانیٹرنگ ڈیسک) وزیر اعظم نے کہا ہے کہ حکومت ملک میں امن و امان کی صورتحال بہتر بنانے کیلئے تمام وسائل بروئے کار لا رہی ہے اور اس سلسلے میں تمام سیاسی جماعتوں کو اعتماد میں لیا جائے گا۔ انہوں نے کہا کہ عوام کے مسائل حل کرنا حکومت کی اولین ترجیح ہے اور اس ضمن میں کسی قسم کی کوتاہی برداشت نہیں کی جائے گی۔ اجلاس میں صوبائی وزراء اور اعلیٰ حکام نے بھی شرکت کی اور مختلف امور پر تفصیلی غور کیا گیا۔ اسلام آباد (مانیٹرنگ ڈیسک) وزیر اعظم نے کہا ہے کہ حکومت ملک میں امن و امان کی صورتحال بہتر بنانے کیلئے تمام وسائل بروئے کار لا رہی ہے اور اس سلسلے میں تمام سیاسی جماعتوں کو اعتماد میں لیا جائے گا۔ انہوں نے کہا کہ عوام کے مسائل حل کرنا حکومت کی اولین ترجیح ہے اور اس ضمن میں کسی قسم کی کوتاہی برداشت نہیں کی جائے گی۔ اجلاس میں صوبائی وزراء اور اعلیٰ حکام نے بھی شرکت کی اور مختلف امور پر تفصیلی غور کیا گیا۔
اسلام آباد (مانیٹرنگ ڈیسک) وزیر اعظم نے کہا ہے کہ حکومت ملک میں امن و امان کی صورتحال بہتر بنانے کیلئے تمام وسائل بروئے کار لا رہی ہے اور اس سلسلے میں تمام سیاسی جماعتوں کو اعتماد میں لیا جائے گا۔ انہوں نے کہا کہ عوام کے مسائل حل کرنا حکومت کی اولین ترجیح ہے اور اس ضمن میں کسی قسم کی کوتاہی برداشت نہیں کی جائے گی۔ اجلاس میں صوبائی وزراء اور اعلیٰ حکام نے بھی شرکت کی اور مختلف امور پر تفصیلی غور کیا گیا۔
32
جعفر منہ سبیل
اسلام آباد (مانیٹرنگ ڈیسک) وزیر اعظم نے کہا ہے کہ حکومت ملک میں امن و امان کی صورتحال بہتر بنانے کیلئے تمام وسائل بروئے کار لا رہی ہے اور اس سلسلے میں تمام سیاسی جماعتوں کو اعتماد میں لیا جائے گا۔ انہوں نے کہا کہ عوام کے مسائل حل کرنا حکومت کی اولین ترجیح ہے اور اس ضمن میں کسی قسم کی کوتاہی برداشت نہیں کی جائے گی۔ اجلاس میں صوبائی وزراء اور اعلیٰ حکام نے بھی شرکت کی اور مختلف امور پر تفصیلی غور کیا گیا۔
33
مرد خوشحال
اسلام آباد (مانیٹرنگ ڈیسک) وزیر اعظم نے کہا ہے کہ حکومت ملک میں امن و امان کی صورتحال بہتر بنانے کیلئے تمام وسائل بروئے کار لا رہی ہے اور اس سلسلے میں تمام سیاسی جماعتوں کو اعتماد میں لیا جائے گا۔ انہوں نے کہا کہ عوام کے مسائل حل کرنا حکومت کی اولین ترجیح ہے اور اس ضمن میں کسی قسم کی کوتاہی برداشت نہیں کی جائے گی۔ اجلاس میں صوبائی وزراء اور اعلیٰ حکام نے بھی شرکت کی اور مختلف امور پر تفصیلی غور کیا گیا۔
34
سینیٹ قانونی کیس
اسلام آباد (مانیٹرنگ ڈیسک) وزیر اعظم نے کہا ہے کہ حکومت ملک میں امن و امان کی صورتحال بہتر بنانے کیلئے تمام وسائل بروئے کار لا رہی ہے اور اس سلسلے میں تمام سیاسی جماعتوں کو اعتماد میں لیا جائے گا۔ انہوں نے کہا کہ عوام کے مسائل حل کرنا حکومت کی اولین ترجیح ہے اور اس ضمن میں کسی قسم کی کوتاہی برداشت نہیں کی جائے گی۔ اجلاس میں صوبائی وزراء اور اعلیٰ حکام نے بھی شرکت کی اور مختلف امور پر تفصیلی غور کیا گیا۔
35
ونڈ پاور منصوبے
اسلام آباد (مانیٹرنگ ڈیسک) وزیر اعظم نے کہا ہے کہ حکومت ملک میں امن و امان کی صورتحال بہتر بنانے کیلئے تمام وسائل بروئے کار لا رہی ہے اور اس سلسلے میں تمام سیاسی جماعتوں کو اعتماد میں لیا جائے گا۔ انہوں نے کہا کہ عوام کے مسائل حل کرنا حکومت کی اولین ترجیح ہے اور اس ضمن میں کسی قسم کی کوتاہی برداشت نہیں کی جائے گی۔ اجلاس میں صوبائی وزراء اور اعلیٰ حکام نے بھی شرکت کی اور مختلف امور پر تفصیلی غور کیا گیا۔
36
میڈیکل
اسلام آباد (مانیٹرنگ ڈیسک) وزیر اعظم نے کہا ہے کہ حکومت ملک میں امن و امان کی صورتحال بہتر بنانے کیلئے تمام وسائل بروئے کار لا رہی ہے اور اس سلسلے میں تمام سیاسی جماعتوں کو اعتماد میں لیا جائے گا۔ انہوں نے کہا کہ عوام کے مسائل حل کرنا حکومت کی اولین ترجیح ہے اور اس ضمن میں کسی قسم کی کوتاہی برداشت نہیں کی جائے گی۔ اجلاس میں صوبائی وزراء اور اعلیٰ حکام نے بھی شرکت کی اور مختلف امور پر تفصیلی غور کیا گیا۔
37
عوام کی
اسلام آباد (مانیٹرنگ ڈیسک) وزیر اعظم نے کہا ہے کہ حکومت ملک میں امن و امان کی صورتحال بہتر بنانے کیلئے تمام وسائل بروئے کار لا رہی ہے اور اس سلسلے میں تمام سیاسی جماعتوں کو اعتماد میں لیا جائے گا۔ انہوں نے کہا کہ عوام کے مسائل حل کرنا حکومت کی اولین ترجیح ہے اور اس ضمن میں کسی قسم کی کوتاہی برداشت نہیں کی جائے گی۔ اجلاس میں صوبائی وزراء اور اعلیٰ حکام نے بھی شرکت کی اور مختلف امور پر تفصیلی غور کیا گیا۔
38
تھری اور فوری نیلامی
اسلام آباد (مانیٹرنگ ڈیسک) وزیر اعظم نے کہا ہے کہ حکومت ملک میں امن و امان کی صورتحال بہتر بنانے کیلئے تمام وسائل بروئے کار لا رہی ہے اور اس سلسلے میں تمام سیاسی جماعتوں کو اعتماد میں لیا جائے گا۔ انہوں نے کہا کہ عوام کے مسائل حل کرنا حکومت کی اولین ترجیح ہے اور اس ضمن میں کسی قسم کی کوتاہی برداشت نہیں کی جائے گی۔ اجلاس میں صوبائی وزراء اور اعلیٰ حکام نے بھی شرکت کی اور مختلف امور پر تفصیلی غور کیا گیا۔
اسلام آباد (مانیٹرنگ ڈیسک) وزیر اعظم نے کہا ہے کہ حکومت ملک میں امن و امان کی صورتحال بہتر بنانے کیلئے تمام وسائل بروئے کار لا رہی ہے اور اس سلسلے میں تمام سیاسی جماعتوں کو اعتماد میں لیا جائے گا۔ انہوں نے کہا کہ عوام کے مسائل حل کرنا حکومت کی اولین ترجیح ہے اور اس ضمن میں کسی قسم کی کوتاہی برداشت نہیں کی جائے گی۔ اجلاس میں صوبائی وزراء اور اعلیٰ حکام نے بھی شرکت کی اور مختلف امور پر تفصیلی غور کیا گیا۔ اسلام آباد (مانیٹرنگ ڈیسک) وزیر اعظم نے کہا ہے کہ حکومت ملک میں امن و امان کی صورتحال بہتر بنانے کیلئے تمام وسائل بروئے کار لا رہی ہے اور اس سلسلے میں تمام سیاسی جماعتوں کو اعتماد میں لیا جائے گا۔ انہوں نے کہا کہ عوام کے مسائل حل کرنا حکومت کی اولین ترجیح ہے اور اس ضمن میں کسی قسم کی کوتاہی برداشت نہیں کی جائے گی۔ اجلاس میں صوبائی وزراء اور اعلیٰ حکام نے بھی شرکت کی اور مختلف امور پر تفصیلی غور کیا گیا۔ اسلام آباد (مانیٹرنگ ڈیسک) وزیر اعظم نے کہا ہے کہ حکومت ملک میں امن و امان کی صورتحال بہتر بنانے کیلئے تمام وسائل بروئے کار لا رہی ہے اور اس سلسلے میں تمام سیاسی جماعتوں کو اعتماد میں لیا جائے گا۔ انہوں نے کہا کہ عوام کے مسائل حل کرنا حکومت کی اولین ترجیح ہے اور اس ضمن میں کسی قسم کی کوتاہی برداشت نہیں کی جائے گی۔ اجلاس میں صوبائی وزراء اور اعلیٰ حکام نے بھی شرکت کی اور مختلف امور پر تفصیلی غور کیا گیا۔ اسلام آباد (مانیٹرنگ ڈیسک) وزیر اعظم نے کہا ہے کہ حکومت ملک میں امن و امان کی صورتحال بہتر بنانے کیلئے تمام وسائل بروئے کار لا رہی ہے اور اس سلسلے میں تمام سیاسی جماعتوں کو اعتماد میں لیا جائے گا۔ انہوں نے کہا کہ عوام کے مسائل حل کرنا حکومت کی اولین ترجیح ہے اور اس ضمن میں کسی قسم کی کوتاہی برداشت نہیں کی جائے گی۔ اجلاس میں صوبائی وزراء اور اعلیٰ حکام نے بھی شرکت کی اور مختلف امور پر تفصیلی غور کیا گیا۔ اسلام آباد (مانیٹرنگ ڈیسک) وزیر اعظم نے کہا ہے کہ حکومت ملک میں امن و امان کی صورتحال بہتر بنانے کیلئے تمام وسائل بروئے کار لا رہی ہے اور اس سلسلے میں تمام سیاسی جماعتوں کو اعتماد میں لیا جائے گا۔ انہوں نے کہا کہ عوام کے مسائل حل کرنا حکومت کی اولین ترجیح ہے اور اس ضمن میں کسی قسم کی کوتاہی برداشت نہیں کی جائے گی۔ اجلاس میں صوبائی وزراء اور اعلیٰ حکام نے بھی شرکت کی اور مختلف امور پر تفصیلی غور کیا گیا۔ اسلام آباد (مانیٹرنگ ڈیسک) وزیر اعظم نے کہا ہے کہ حکومت ملک میں امن و امان کی صورتحال بہتر بنانے کیلئے تمام وسائل بروئے کار لا رہی ہے اور اس سلسلے میں تمام سیاسی جماعتوں کو اعتماد میں لیا جائے گا۔ انہوں نے کہا کہ عوام کے مسائل حل کرنا حکومت کی اولین ترجیح ہے اور اس ضمن میں کسی قسم کی کوتاہی برداشت نہیں کی جائے گی۔ اجلاس میں صوبائی وزراء اور اعلیٰ حکام نے بھی شرکت کی اور مختلف امور پر تفصیلی غور کیا گیا۔
اسلام آباد (مانیٹرنگ ڈیسک) وزیر اعظم نے کہا ہے کہ حکومت ملک میں امن و امان کی صورتحال بہتر بنانے کیلئے تمام وسائل بروئے کار لا رہی ہے اور اس سلسلے میں تمام سیاسی جماعتوں کو اعتماد میں لیا جائے گا۔ انہوں نے کہا کہ عوام کے مسائل حل کرنا حکومت کی اولین ترجیح ہے اور اس ضمن میں کسی قسم کی کوتاہی برداشت نہیں کی جائے گی۔ اجلاس میں صوبائی وزراء اور اعلیٰ حکام نے بھی شرکت کی اور مختلف امور پر تفصیلی غور کیا گیا۔
39
پی ایس ایف
اسلام آباد (مانیٹرنگ ڈیسک) وزیر اعظم نے کہا ہے کہ حکومت ملک میں امن و امان کی صورتحال بہتر بنانے کیلئے تمام وسائل بروئے کار لا رہی ہے اور اس سلسلے میں تمام سیاسی جماعتوں کو اعتماد میں لیا جائے گا۔ انہوں نے کہا کہ عوام کے مسائل حل کرنا حکومت کی اولین ترجیح ہے اور اس ضمن میں کسی قسم کی کوتاہی برداشت نہیں کی جائے گی۔ اجلاس میں صوبائی وزراء اور اعلیٰ حکام نے بھی شرکت کی اور مختلف امور پر تفصیلی غور کیا گیا۔
40
بلاول بھٹو
اسلام آباد (مانیٹرنگ ڈیسک) وزیر اعظم نے کہا ہے کہ حکومت ملک میں امن و امان کی صورتحال بہتر بنانے کیلئے تمام وسائل بروئے کار لا رہی ہے اور اس سلسلے میں تمام سیاسی جماعتوں کو اعتماد میں لیا جائے گا۔ انہوں نے کہا کہ عوام کے مسائل حل کرنا حکومت کی اولین ترجیح ہے اور اس ضمن میں کسی قسم کی کوتاہی برداشت نہیں کی جائے گی۔ اجلاس میں صوبائی وزراء اور اعلیٰ حکام نے بھی شرکت کی اور مختلف امور پر تفصیلی غور کیا گیا۔
41
جھوک ٹیڈنگ کیس
اسلام آباد (مانیٹرنگ ڈیسک) وزیر اعظم نے کہا ہے کہ حکومت ملک میں امن و امان کی صورتحال بہتر بنانے کیلئے تمام وسائل بروئے کار لا رہی ہے اور اس سلسلے میں تمام سیاسی جماعتوں کو اعتماد میں لیا جائے گا۔ انہوں نے کہا کہ عوام کے مسائل حل کرنا حکومت کی اولین ترجیح ہے اور اس ضمن میں کسی قسم کی کوتاہی برداشت نہیں کی جائے گی۔ اجلاس میں صوبائی وزراء اور اعلیٰ حکام نے بھی شرکت کی اور مختلف امور پر تفصیلی غور کیا گیا۔
42
طالبان ترجمان
اسلام آباد (مانیٹرنگ ڈیسک) وزیر اعظم نے کہا ہے کہ حکومت ملک میں امن و امان کی صورتحال بہتر بنانے کیلئے تمام وسائل بروئے کار لا رہی ہے اور اس سلسلے میں تمام سیاسی جماعتوں کو اعتماد میں لیا جائے گا۔ انہوں نے کہا کہ عوام کے مسائل حل کرنا حکومت کی اولین ترجیح ہے اور اس ضمن میں کسی قسم کی کوتاہی برداشت نہیں کی جائے گی۔ اجلاس میں صوبائی وزراء اور اعلیٰ حکام نے بھی شرکت کی اور مختلف امور پر تفصیلی غور کیا گیا۔
43
قومی سلامتی کونسل
اسلام آباد (مانیٹرنگ ڈیسک) وزیر اعظم نے کہا ہے کہ حکومت ملک میں امن و امان کی صورتحال بہتر بنانے کیلئے تمام وسائل بروئے کار لا رہی ہے اور اس سلسلے میں تمام سیاسی جماعتوں کو اعتماد میں لیا جائے گا۔ انہوں نے کہا کہ عوام کے مسائل حل کرنا حکومت کی اولین ترجیح ہے اور اس ضمن میں کسی قسم کی کوتاہی برداشت نہیں کی جائے گی۔ اجلاس میں صوبائی وزراء اور اعلیٰ حکام نے بھی شرکت کی اور مختلف امور پر تفصیلی غور کیا گیا۔
44
دست تعاون
اسلام آباد (مانیٹرنگ ڈیسک) وزیر اعظم نے کہا ہے کہ حکومت ملک میں امن و امان کی صورتحال بہتر بنانے کیلئے تمام وسائل بروئے کار لا رہی ہے اور اس سلسلے میں تمام سیاسی جماعتوں کو اعتماد میں لیا جائے گا۔ انہوں نے کہا کہ عوام کے مسائل حل کرنا حکومت کی اولین ترجیح ہے اور اس ضمن میں کسی قسم کی کوتاہی برداشت نہیں کی جائے گی۔ اجلاس میں صوبائی وزراء اور اعلیٰ حکام نے بھی شرکت کی اور مختلف امور پر تفصیلی غور کیا گیا۔
45
زاہد حامد
اسلام آباد (مانیٹرنگ ڈیسک) وزیر اعظم نے کہا ہے کہ حکومت ملک میں امن و امان کی صورتحال بہتر بنانے کیلئے تمام وسائل بروئے کار لا رہی ہے اور اس سلسلے میں تمام سیاسی جماعتوں کو اعتماد میں لیا جائے گا۔ انہوں نے کہا کہ عوام کے مسائل حل کرنا حکومت کی اولین ترجیح ہے اور اس ضمن میں کسی قسم کی کوتاہی برداشت نہیں کی جائے گی۔ اجلاس میں صوبائی وزراء اور اعلیٰ حکام نے بھی شرکت کی اور مختلف امور پر تفصیلی غور کیا گیا۔
اسلام آباد (مانیٹرنگ ڈیسک) وزیر اعظم نے کہا ہے کہ حکومت ملک میں امن و امان کی صورتحال بہتر بنانے کیلئے تمام وسائل بروئے کار لا رہی ہے اور اس سلسلے میں تمام سیاسی جماعتوں کو اعتماد میں لیا جائے گا۔ انہوں نے کہا کہ عوام کے مسائل حل کرنا حکومت کی اولین ترجیح ہے اور اس ضمن میں کسی قسم کی کوتاہی برداشت نہیں کی جائے گی۔ اجلاس میں صوبائی وزراء اور اعلیٰ حکام نے بھی شرکت کی اور مختلف امور پر تفصیلی غور کیا گیا۔ اسلام آباد (مانیٹرنگ ڈیسک) وزیر اعظم نے کہا ہے کہ حکومت ملک میں امن و امان کی صورتحال بہتر بنانے کیلئے تمام وسائل بروئے کار لا رہی ہے اور اس سلسلے میں تمام سیاسی جماعتوں کو اعتماد میں لیا جائے گا۔ انہوں نے کہا کہ عوام کے مسائل حل کرنا حکومت کی اولین ترجیح ہے اور اس ضمن میں کسی قسم کی کوتاہی برداشت نہیں کی جائے گی۔ اجلاس میں صوبائی وزراء اور اعلیٰ حکام نے بھی شرکت کی اور مختلف امور پر تفصیلی غور کیا گیا۔ اسلام آباد (مانیٹرنگ ڈیسک) وزیر اعظم نے کہا ہے کہ حکومت ملک میں امن و امان کی صورتحال بہتر بنانے کیلئے تمام وسائل بروئے کار لا رہی ہے اور اس سلسلے میں تمام سیاسی جماعتوں کو اعتماد میں لیا جائے گا۔ انہوں نے کہا کہ عوام کے مسائل حل کرنا حکومت کی اولین ترجیح ہے اور اس ضمن میں کسی قسم کی کوتاہی برداشت نہیں کی جائے گی۔ اجلاس میں صوبائی وزراء اور اعلیٰ حکام نے بھی شرکت کی اور مختلف امور پر تفصیلی غور کیا گیا۔ اسلام آباد (مانیٹرنگ ڈیسک) وزیر اعظم نے کہا ہے کہ حکومت ملک میں امن و امان کی صورتحال بہتر بنانے کیلئے تمام وسائل بروئے کار لا رہی ہے اور اس سلسلے میں تمام سیاسی جماعتوں کو اعتماد میں لیا جائے گا۔ انہوں نے کہا کہ عوام کے مسائل حل کرنا حکومت کی اولین ترجیح ہے اور اس ضمن میں کسی قسم کی کوتاہی برداشت نہیں کی جائے گی۔ اجلاس میں صوبائی وزراء اور اعلیٰ حکام نے بھی شرکت کی اور مختلف امور پر تفصیلی غور کیا گیا۔ اسلام آباد (مانیٹرنگ ڈیسک) وزیر اعظم نے کہا ہے کہ حکومت ملک میں امن و امان کی صورتحال بہتر بنانے کیلئے تمام وسائل بروئے کار لا رہی ہے اور اس سلسلے میں تمام سیاسی جماعتوں کو اعتماد میں لیا جائے گا۔ انہوں نے کہا کہ عوام کے مسائل حل کرنا حکومت کی اولین ترجیح ہے اور اس ضمن میں کسی قسم کی کوتاہی برداشت نہیں کی جائے گی۔ اجلاس میں صوبائی وزراء اور اعلیٰ حکام نے بھی شرکت کی اور مختلف امور پر تفصیلی غور کیا گیا۔ اسلام آباد (مانیٹرنگ ڈیسک) وزیر اعظم نے کہا ہے کہ حکومت ملک میں امن و امان کی صورتحال بہتر بنانے کیلئے تمام وسائل بروئے کار لا رہی ہے اور اس سلسلے میں تمام سیاسی جماعتوں کو اعتماد میں لیا جائے گا۔ انہوں نے کہا کہ عوام کے مسائل حل کرنا حکومت کی اولین ترجیح ہے اور اس ضمن میں کسی قسم کی کوتاہی برداشت نہیں کی جائے گی۔ اجلاس میں صوبائی وزراء اور اعلیٰ حکام نے بھی شرکت کی اور مختلف امور پر تفصیلی غور کیا گیا۔
اسلام آباد (مانیٹرنگ ڈیسک) وزیر اعظم نے کہا ہے کہ حکومت ملک میں امن و امان کی صورتحال بہتر بنانے کیلئے تمام وسائل بروئے کار لا رہی ہے اور اس سلسلے میں تمام سیاسی جماعتوں کو اعتماد میں لیا جائے گا۔ انہوں نے کہا کہ عوام کے مسائل حل کرنا حکومت کی اولین ترجیح ہے اور اس ضمن میں کسی قسم کی کوتاہی برداشت نہیں کی جائے گی۔ اجلاس میں صوبائی وزراء اور اعلیٰ حکام نے بھی شرکت کی اور مختلف امور پر تفصیلی غور کیا گیا۔
46
نواز زرداری ملاقات
اسلام آباد (مانیٹرنگ ڈیسک) وزیر اعظم نے کہا ہے کہ حکومت ملک میں امن و امان کی صورتحال بہتر بنانے کیلئے تمام وسائل بروئے کار لا رہی ہے اور اس سلسلے میں تمام سیاسی جماعتوں کو اعتماد میں لیا جائے گا۔ انہوں نے کہا کہ عوام کے مسائل حل کرنا حکومت کی اولین ترجیح ہے اور اس ضمن میں کسی قسم کی کوتاہی برداشت نہیں کی جائے گی۔ اجلاس میں صوبائی وزراء اور اعلیٰ حکام نے بھی شرکت کی اور مختلف امور پر تفصیلی غور کیا گیا۔
47
کراچی آپریشن
اسلام آباد (مانیٹرنگ ڈیسک) وزیر اعظم نے کہا ہے کہ حکومت ملک میں امن و امان کی صورتحال بہتر بنانے کیلئے تمام وسائل بروئے کار لا رہی ہے اور اس سلسلے میں تمام سیاسی جماعتوں کو اعتماد میں لیا جائے گا۔ انہوں نے کہا کہ عوام کے مسائل حل کرنا حکومت کی اولین ترجیح ہے اور اس ضمن میں کسی قسم کی کوتاہی برداشت نہیں کی جائے گی۔ اجلاس میں صوبائی وزراء اور اعلیٰ حکام نے بھی شرکت کی اور مختلف امور پر تفصیلی غور کیا گیا۔
اسلام آباد (مانیٹرنگ ڈیسک) وزیر اعظم نے کہا ہے کہ حکومت ملک میں امن و امان کی صورتحال بہتر بنانے کیلئے تمام وسائل بروئے کار لا رہی ہے اور اس سلسلے میں تمام سیاسی جماعتوں کو اعتماد میں لیا جائے گا۔ انہوں نے کہا کہ عوام کے مسائل حل کرنا حکومت کی اولین ترجیح ہے اور اس ضمن میں کسی قسم کی کوتاہی برداشت نہیں کی جائے گی۔ اجلاس میں صوبائی وزراء اور اعلیٰ حکام نے بھی شرکت کی اور مختلف امور پر تفصیلی غور کیا گیا۔ اسلام آباد (مانیٹرنگ ڈیسک) وزیر اعظم نے کہا ہے کہ حکومت ملک میں امن و امان کی صورتحال بہتر بنانے کیلئے تمام وسائل بروئے کار لا رہی ہے اور اس سلسلے میں تمام سیاسی جماعتوں کو اعتماد میں لیا جائے گا۔ انہوں نے کہا کہ عوام کے مسائل حل کرنا حکومت کی اولین ترجیح ہے اور اس ضمن میں کسی قسم کی کوتاہی برداشت نہیں کی جائے گی۔ اجلاس میں صوبائی وزراء اور اعلیٰ حکام نے بھی شرکت کی اور مختلف امور پر تفصیلی غور کیا گیا۔ اسلام آباد (مانیٹرنگ ڈیسک) وزیر اعظم نے کہا ہے کہ حکومت ملک میں امن و امان کی صورتحال بہتر بنانے کیلئے تمام وسائل بروئے کار لا رہی ہے اور اس سلسلے میں تمام سیاسی جماعتوں کو اعتماد میں لیا جائے گا۔ انہوں نے کہا کہ عوام کے مسائل حل کرنا حکومت کی اولین ترجیح ہے اور اس ضمن میں کسی قسم کی کوتاہی برداشت نہیں کی جائے گی۔ اجلاس میں صوبائی وزراء اور اعلیٰ حکام نے بھی شرکت کی اور مختلف امور پر تفصیلی غور کیا گیا۔ اسلام آباد (مانیٹرنگ ڈیسک) وزیر اعظم نے کہا ہے کہ حکومت ملک میں امن و امان کی صورتحال بہتر بنانے کیلئے تمام وسائل بروئے کار لا رہی ہے اور اس سلسلے میں تمام سیاسی جماعتوں کو اعتماد میں لیا جائے گا۔ انہوں نے کہا کہ عوام کے مسائل حل کرنا حکومت کی اولین ترجیح ہے اور اس ضمن میں کسی قسم کی کوتاہی برداشت نہیں کی جائے گی۔ اجلاس میں صوبائی وزراء اور اعلیٰ حکام نے بھی شرکت کی اور مختلف امور پر تفصیلی غور کیا گیا۔ اسلام آباد (مانیٹرنگ ڈیسک) وزیر اعظم نے کہا ہے کہ حکومت ملک میں امن و امان کی صورتحال بہتر بنانے کیلئے تمام وسائل بروئے کار لا رہی ہے اور اس سلسلے میں تمام سیاسی جماعتوں کو اعتماد میں لیا جائے گا۔ انہوں نے کہا کہ عوام کے مسائل حل کرنا حکومت کی اولین ترجیح ہے اور اس ضمن میں کسی قسم کی کوتاہی برداشت نہیں کی جائے گی۔ اجلاس میں صوبائی وزراء اور اعلیٰ حکام نے بھی شرکت کی اور مختلف امور پر تفصیلی غور کیا گیا۔ اسلام آباد (مانیٹرنگ ڈیسک) وزیر اعظم نے کہا ہے کہ حکومت ملک میں امن و امان کی صورتحال بہتر بنانے کیلئے تمام وسائل بروئے کار لا رہی ہے اور اس سلسلے میں تمام سیاسی جماعتوں کو اعتماد میں لیا جائے گا۔ انہوں نے کہا کہ عوام کے مسائل حل کرنا حکومت کی اولین ترجیح ہے اور اس ضمن میں کسی قسم کی کوتاہی برداشت نہیں کی جائے گی۔ اجلاس میں صوبائی وزراء اور اعلیٰ حکام نے بھی شرکت کی اور مختلف امور پر تفصیلی غور کیا گیا۔
